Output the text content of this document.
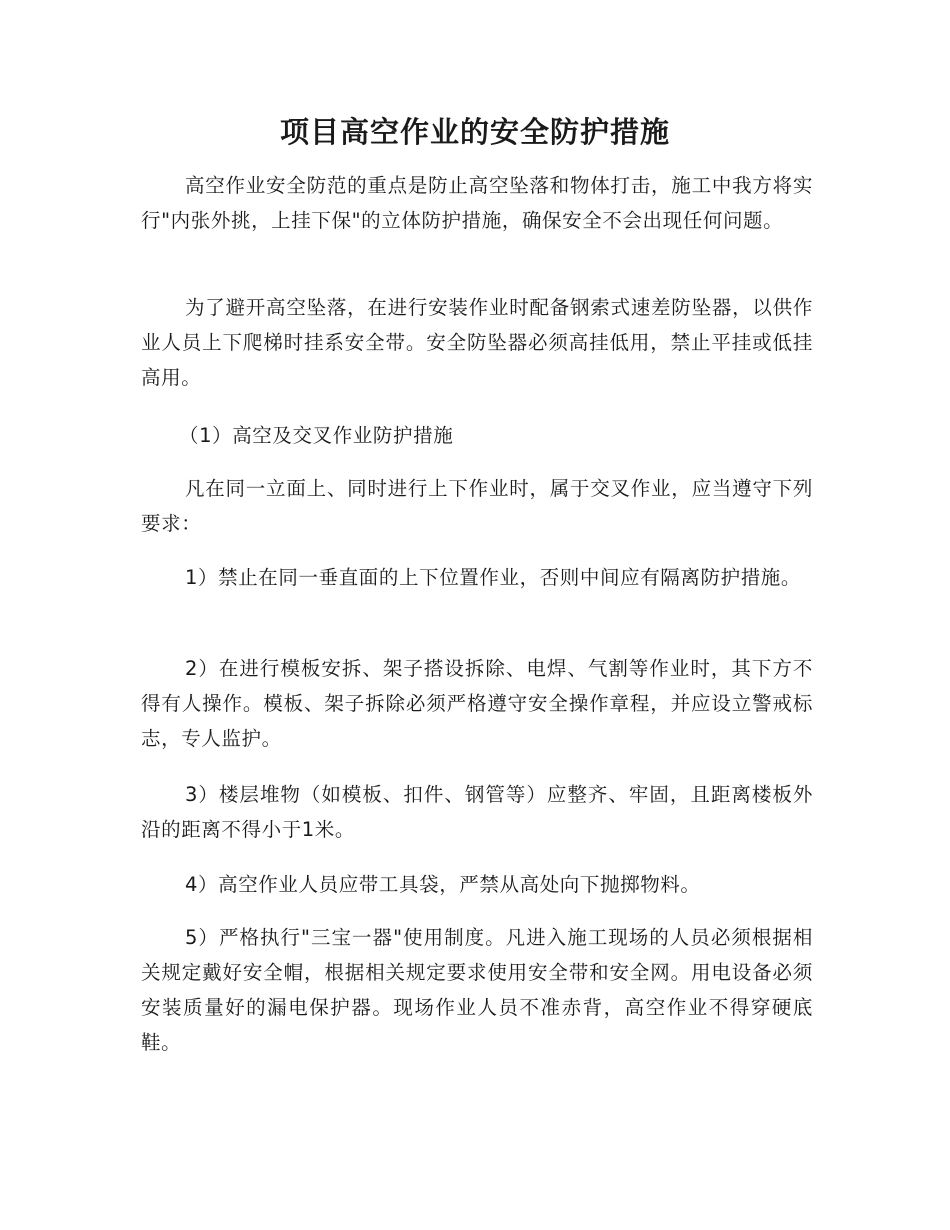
项目高空作业的安全防护措施

高空作业安全防范的重点是防止高空坠落和物体打击，施工中我方将实行"内张外挑，上挂下保"的立体防护措施，确保安全不会出现任何问题。

为了避开高空坠落，在进行安装作业时配备钢索式速差防坠器，以供作业人员上下爬梯时挂系安全带。安全防坠器必须高挂低用，禁止平挂或低挂高用。

（1）高空及交叉作业防护措施

凡在同一立面上、同时进行上下作业时，属于交叉作业，应当遵守下列要求：

1）禁止在同一垂直面的上下位置作业，否则中间应有隔离防护措施。

2）在进行模板安拆、架子搭设拆除、电焊、气割等作业时，其下方不得有人操作。模板、架子拆除必须严格遵守安全操作章程，并应设立警戒标志，专人监护。

3）楼层堆物（如模板、扣件、钢管等）应整齐、牢固，且距离楼板外沿的距离不得小于1米。

4）高空作业人员应带工具袋，严禁从高处向下抛掷物料。

5）严格执行"三宝一器"使用制度。凡进入施工现场的人员必须根据相关规定戴好安全帽，根据相关规定要求使用安全带和安全网。用电设备必须安装质量好的漏电保护器。现场作业人员不准赤背，高空作业不得穿硬底鞋。
